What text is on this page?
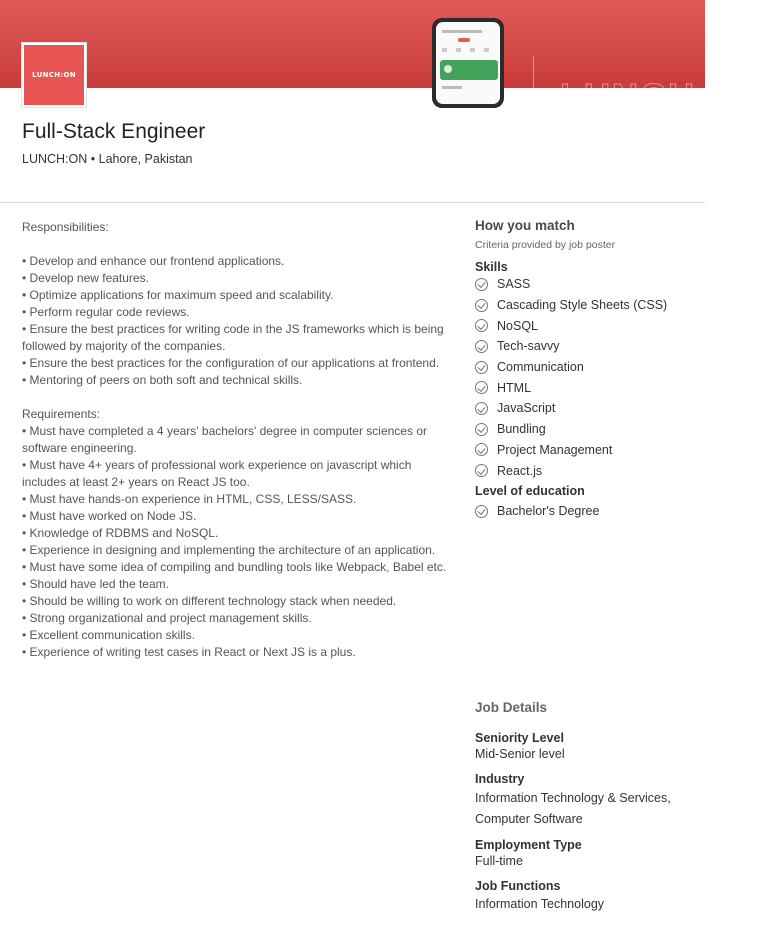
LUNCH:ON
LUNCH:ON
Full-Stack Engineer
LUNCH:ON • Lahore, Pakistan

Responsibilities:

• Develop and enhance our frontend applications.

• Develop new features.

• Optimize applications for maximum speed and scalability.

• Perform regular code reviews.

• Ensure the best practices for writing code in the JS frameworks which is being followed by majority of the companies.

• Ensure the best practices for the configuration of our applications at frontend.

• Mentoring of peers on both soft and technical skills.

Requirements:

• Must have completed a 4 years' bachelors' degree in computer sciences or software engineering.

• Must have 4+ years of professional work experience on javascript which includes at least 2+ years on React JS too.

• Must have hands-on experience in HTML, CSS, LESS/SASS.

• Must have worked on Node JS.

• Knowledge of RDBMS and NoSQL.

• Experience in designing and implementing the architecture of an application.

• Must have some idea of compiling and bundling tools like Webpack, Babel etc.

• Should have led the team.

• Should be willing to work on different technology stack when needed.

• Strong organizational and project management skills.

• Excellent communication skills.

• Experience of writing test cases in React or Next JS is a plus.

How you match
Criteria provided by job poster
Skills
SASS
Cascading Style Sheets (CSS)
NoSQL
Tech-savvy
Communication
HTML
JavaScript
Bundling
Project Management
React.js
Level of education
Bachelor's Degree
Job Details
Seniority Level
Mid-Senior level
Industry
Information Technology & Services,
Computer Software
Employment Type
Full-time
Job Functions
Information Technology
